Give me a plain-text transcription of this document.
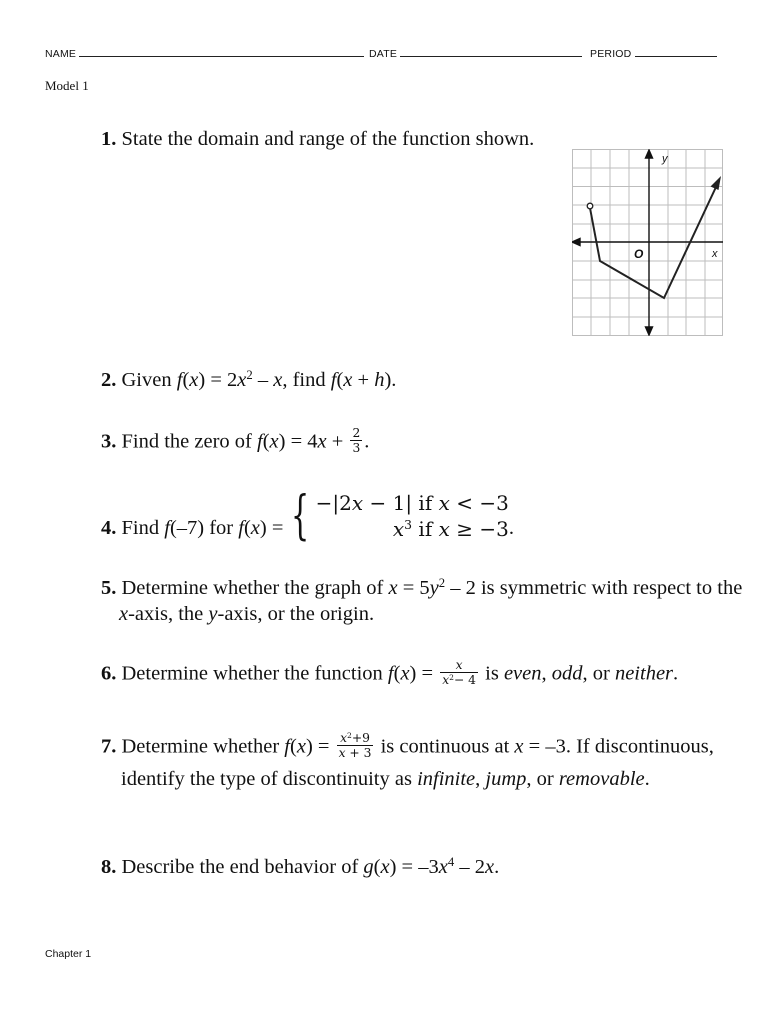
NAME	DATE	PERIOD
Model 1
1. State the domain and range of the function shown.
y
x
O
2. Given $f(x) = 2x^2 - x$, find f(x + h).
3. Find the zero of $f(x) = 4x + \frac{2}{3}$ .
4. Find f(–7) for f(x) = { −|2𝑥 − 1| if 𝑥 < −3
𝑥$^3$ if 𝑥 ≥ −3 .
5. Determine whether the graph of $x = 5y^2 - 2$ is symmetric with respect to the
x-axis, the y-axis, or the origin.
6. Determine whether the function $f(x) = \frac{\text{𝑥}}{𝑥^2- 4}$ is even, odd, or neither.
7. Determine whether $f(x) = \frac{𝑥^2+9}{\text{𝑥 + 3}}$ is continuous at x = –3. If discontinuous,
identify the type of discontinuity as infinite, jump, or removable.
8. Describe the end behavior of $g(x) = -3x^4 - 2x$.
Chapter 1
